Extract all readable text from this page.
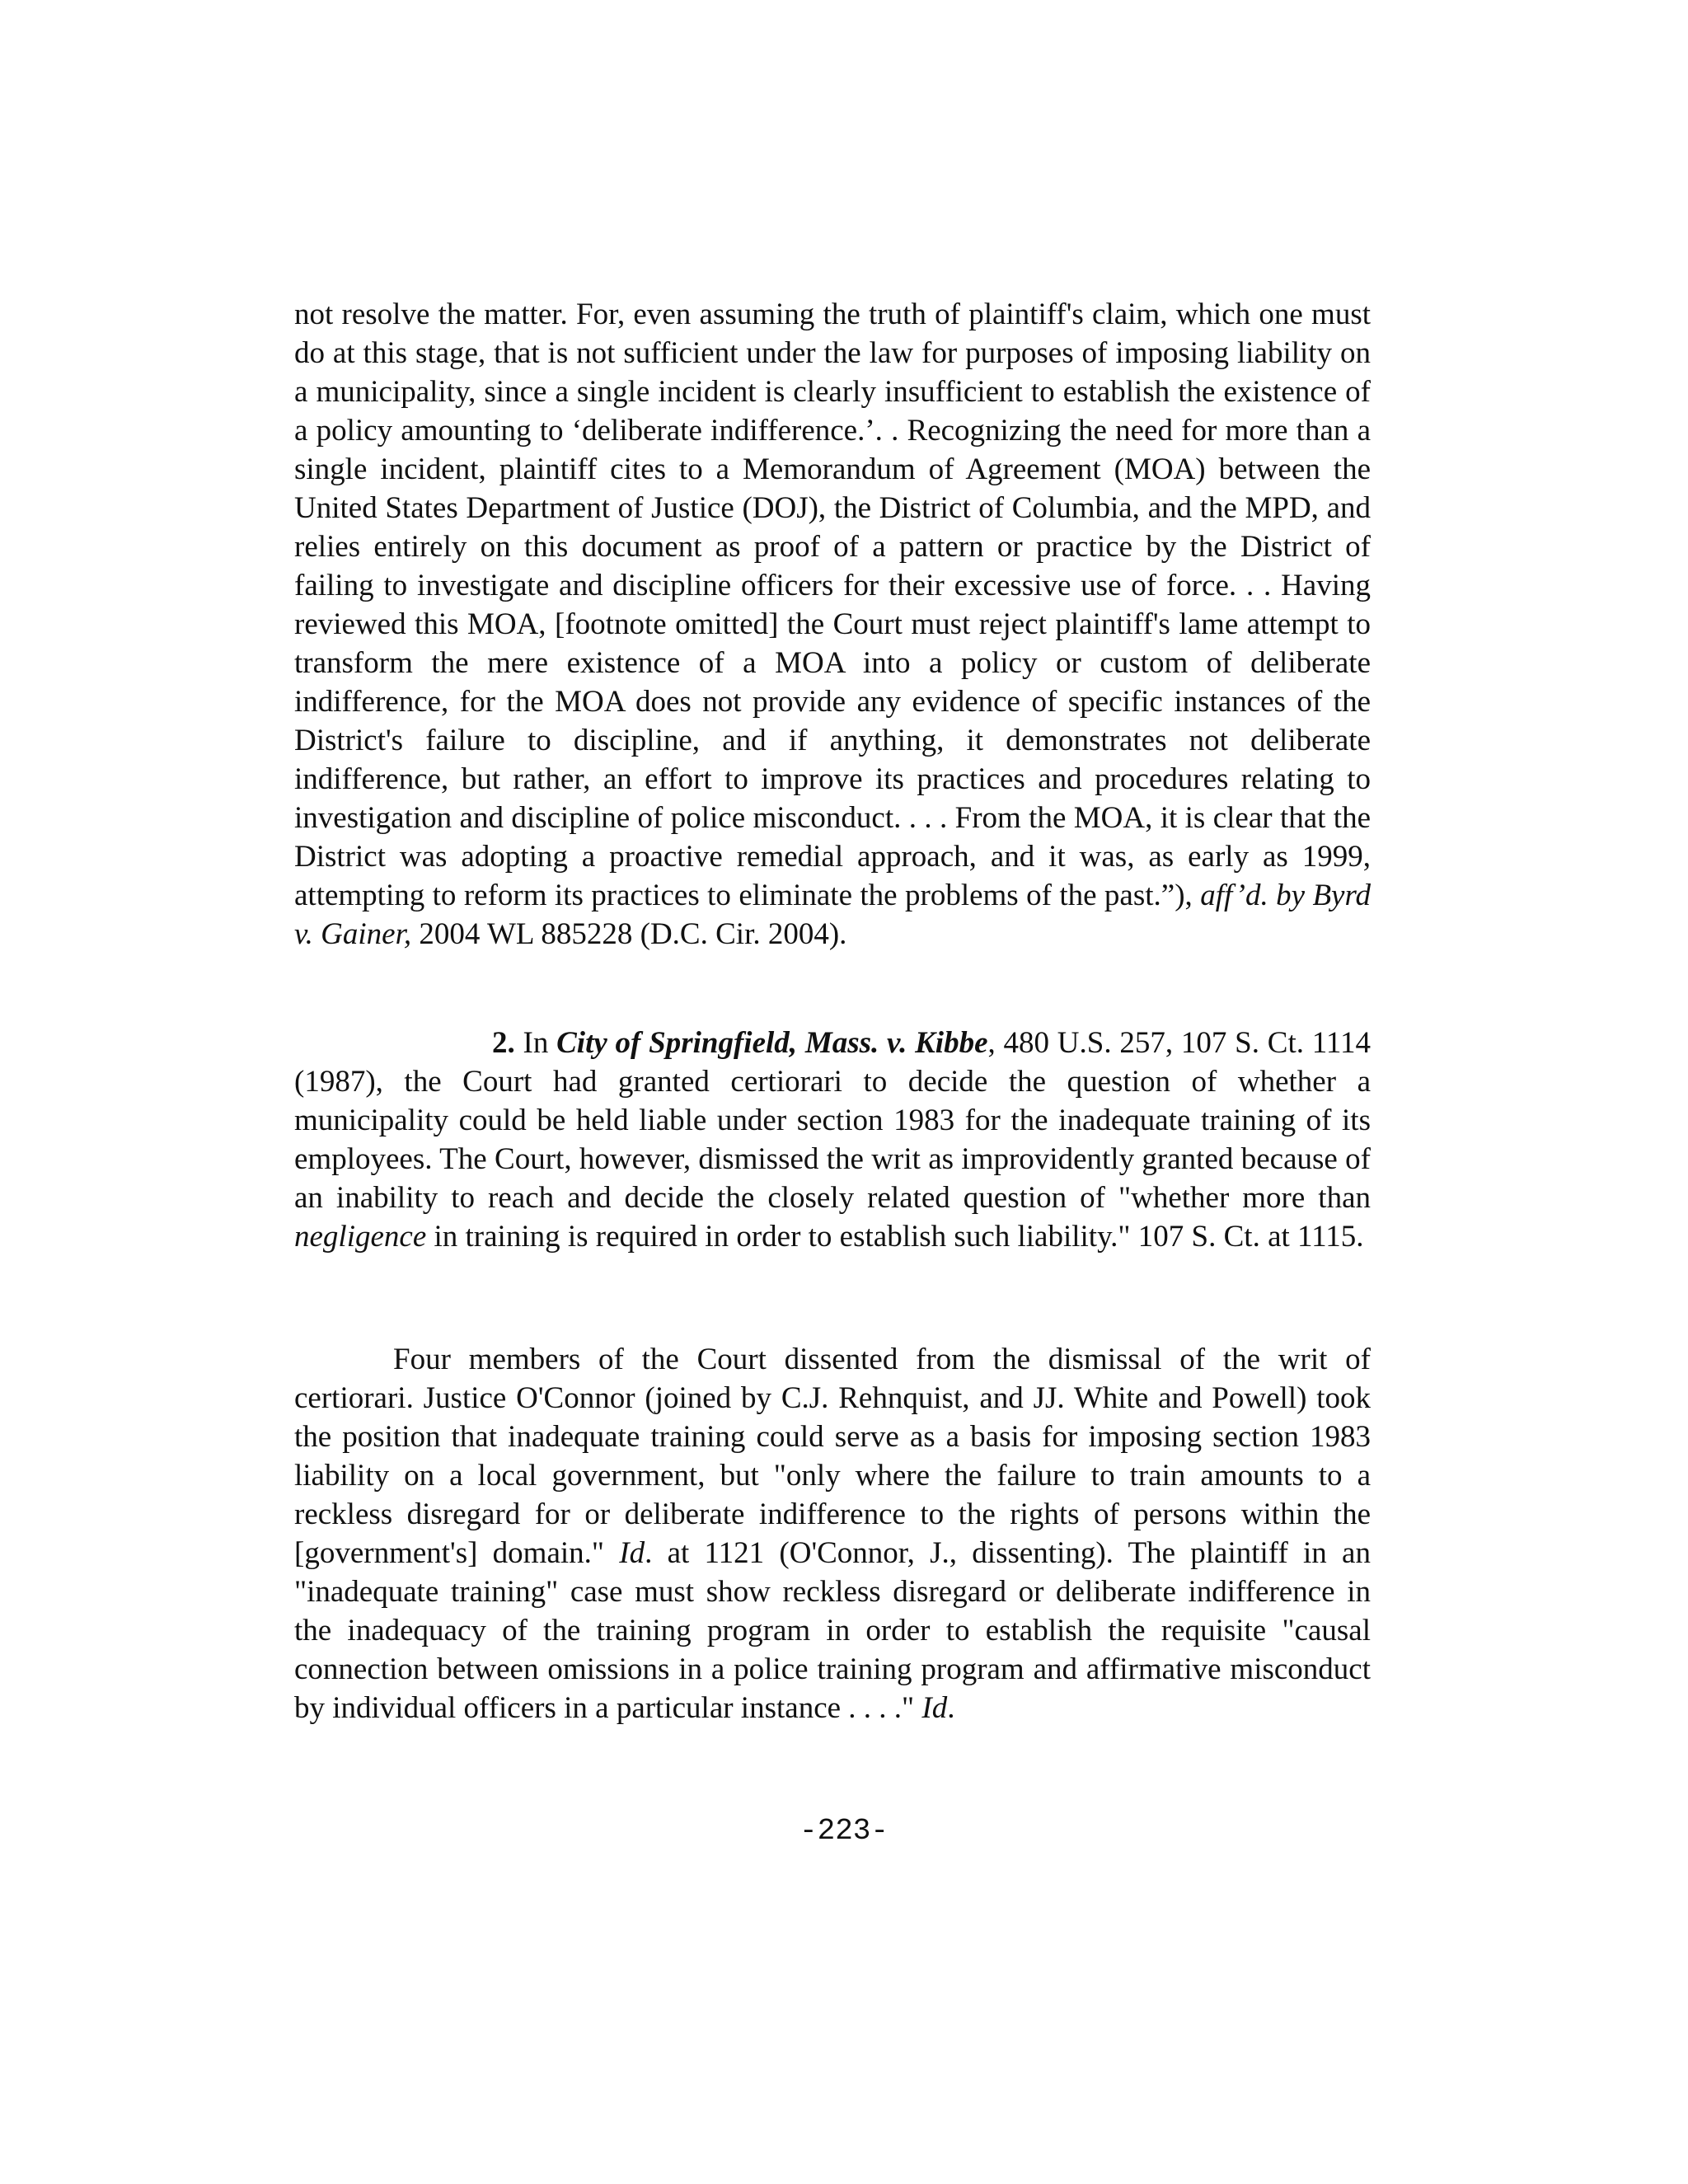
not resolve the matter. For, even assuming the truth of plaintiff's claim, which one must do at this stage, that is not sufficient under the law for purposes of imposing liability on a municipality, since a single incident is clearly insufficient to establish the existence of a policy amounting to ‘deliberate indifference.’. . Recognizing the need for more than a single incident, plaintiff cites to a Memorandum of Agreement (MOA) between the United States Department of Justice (DOJ), the District of Columbia, and the MPD, and relies entirely on this document as proof of a pattern or practice by the District of failing to investigate and discipline officers for their excessive use of force. . . Having reviewed this MOA, [footnote omitted] the Court must reject plaintiff's lame attempt to transform the mere existence of a MOA into a policy or custom of deliberate indifference, for the MOA does not provide any evidence of specific instances of the District's failure to discipline, and if anything, it demonstrates not deliberate indifference, but rather, an effort to improve its practices and procedures relating to investigation and discipline of police misconduct. . . . From the MOA, it is clear that the District was adopting a proactive remedial approach, and it was, as early as 1999, attempting to reform its practices to eliminate the problems of the past.”), aff’d. by Byrd v. Gainer, 2004 WL 885228 (D.C. Cir. 2004).

2. In City of Springfield, Mass. v. Kibbe, 480 U.S. 257, 107 S. Ct. 1114 (1987), the Court had granted certiorari to decide the question of whether a municipality could be held liable under section 1983 for the inadequate training of its employees. The Court, however, dismissed the writ as improvidently granted because of an inability to reach and decide the closely related question of "whether more than negligence in training is required in order to establish such liability." 107 S. Ct. at 1115.

Four members of the Court dissented from the dismissal of the writ of certiorari. Justice O'Connor (joined by C.J. Rehnquist, and JJ. White and Powell) took the position that inadequate training could serve as a basis for imposing section 1983 liability on a local government, but "only where the failure to train amounts to a reckless disregard for or deliberate indifference to the rights of persons within the [government's] domain." Id. at 1121 (O'Connor, J., dissenting). The plaintiff in an "inadequate training" case must show reckless disregard or deliberate indifference in the inadequacy of the training program in order to establish the requisite "causal connection between omissions in a police training program and affirmative misconduct by individual officers in a particular instance . . . ." Id.

-223-
